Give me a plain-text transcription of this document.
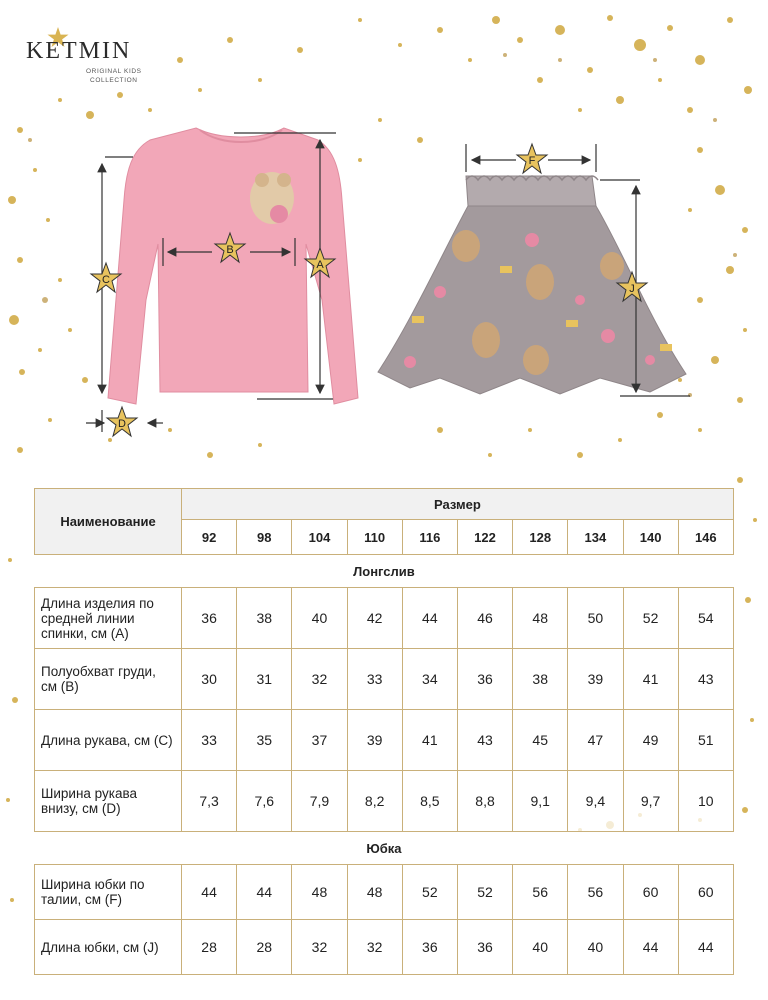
KETMIN
ORIGINAL KIDS
COLLECTION
A
B
C
D
F
J
Наименование	Размер									
	92	98	104	110	116	122	128	134	140	146
Лонгслив										
Длина изделия по средней линии спинки, см (А)	36	38	40	42	44	46	48	50	52	54
Полуобхват груди, см (В)	30	31	32	33	34	36	38	39	41	43
Длина рукава, см (С)	33	35	37	39	41	43	45	47	49	51
Ширина рукава внизу, см (D)	7,3	7,6	7,9	8,2	8,5	8,8	9,1	9,4	9,7	10
Юбка										
Ширина юбки по талии, см (F)	44	44	48	48	52	52	56	56	60	60
Длина юбки, см (J)	28	28	32	32	36	36	40	40	44	44
